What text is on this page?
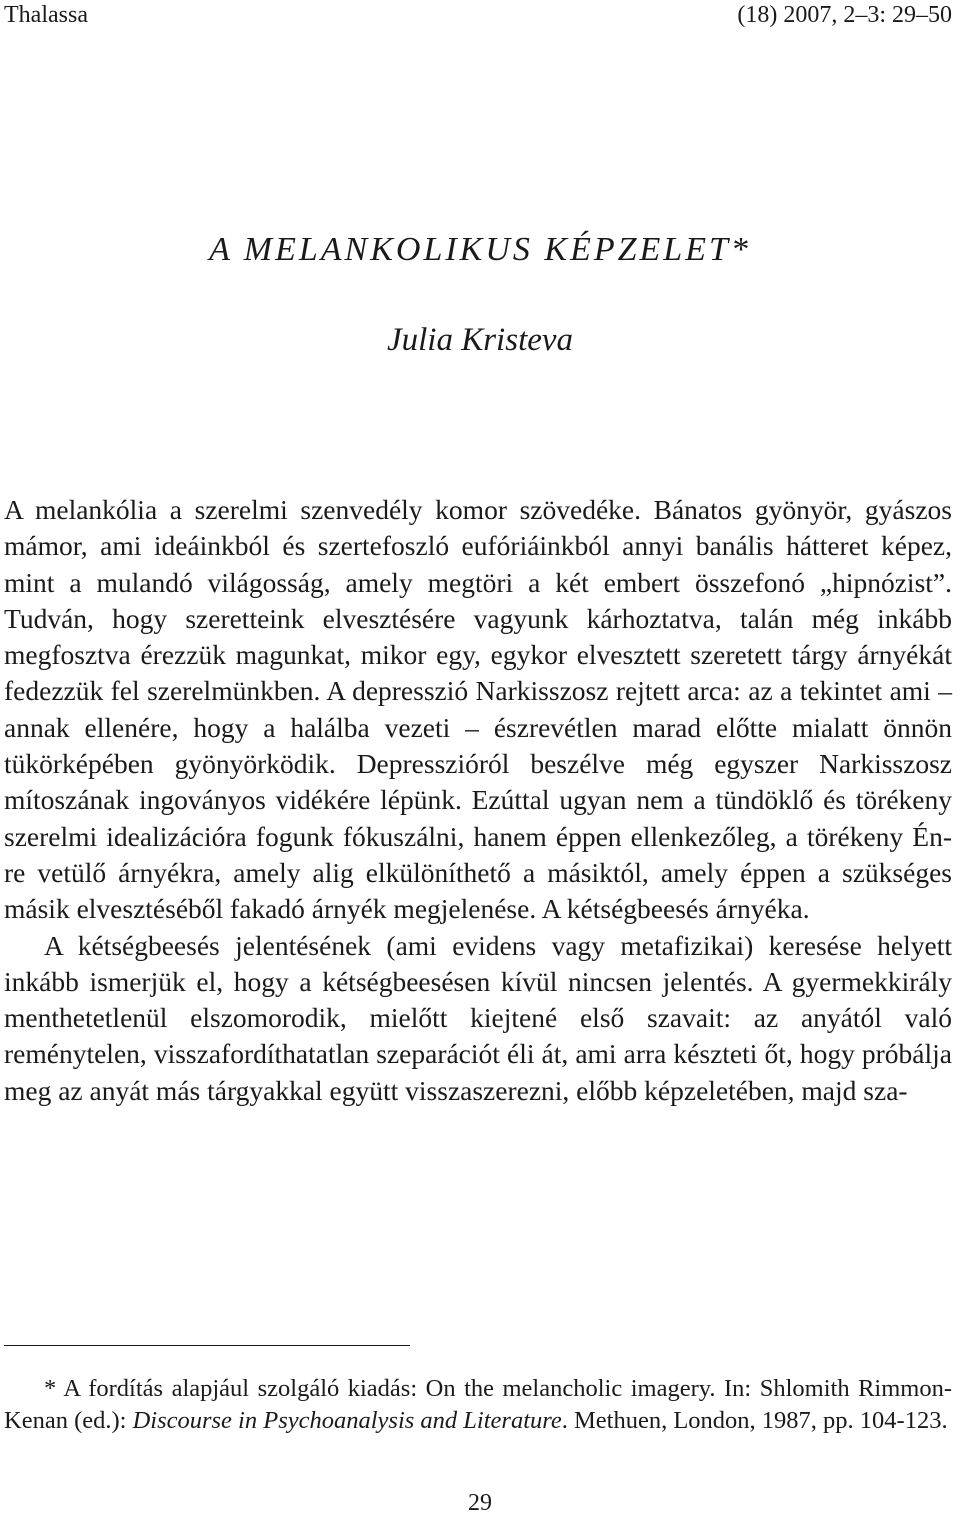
Thalassa	(18) 2007, 2–3: 29–50
A MELANKOLIKUS KÉPZELET*
Julia Kristeva

A melankólia a szerelmi szenvedély komor szövedéke. Bánatos gyönyör, gyászos mámor, ami ideáinkból és szertefoszló eufóriáinkból annyi banális hátteret képez, mint a mulandó világosság, amely megtöri a két embert összefonó „hipnózist”. Tudván, hogy szeretteink elvesztésére vagyunk kárhoztatva, talán még inkább megfosztva érezzük magunkat, mikor egy, egykor elvesztett szeretett tárgy árnyékát fedezzük fel szerelmünkben. A depresszió Narkisszosz rejtett arca: az a tekintet ami – annak ellenére, hogy a halálba vezeti – észrevétlen marad előtte mialatt önnön tükörképében gyönyörködik. Depresszióról beszélve még egyszer Narkisszosz mítoszának ingoványos vidékére lépünk. Ezúttal ugyan nem a tündöklő és törékeny szerelmi idealizációra fogunk fókuszálni, hanem éppen ellenkezőleg, a törékeny Én-re vetülő árnyékra, amely alig elkülöníthető a másiktól, amely éppen a szükséges másik elvesztéséből fakadó árnyék megjelenése. A kétségbeesés árnyéka.

A kétségbeesés jelentésének (ami evidens vagy metafizikai) keresése helyett inkább ismerjük el, hogy a kétségbeesésen kívül nincsen jelentés. A gyermekkirály menthetetlenül elszomorodik, mielőtt kiejtené első szavait: az anyától való reménytelen, visszafordíthatatlan szeparációt éli át, ami arra készteti őt, hogy próbálja meg az anyát más tárgyakkal együtt visszaszerezni, előbb képzeletében, majd sza-

* A fordítás alapjául szolgáló kiadás: On the melancholic imagery. In: Shlomith Rimmon-Kenan (ed.): Discourse in Psychoanalysis and Literature. Methuen, London, 1987, pp. 104-123.

29
